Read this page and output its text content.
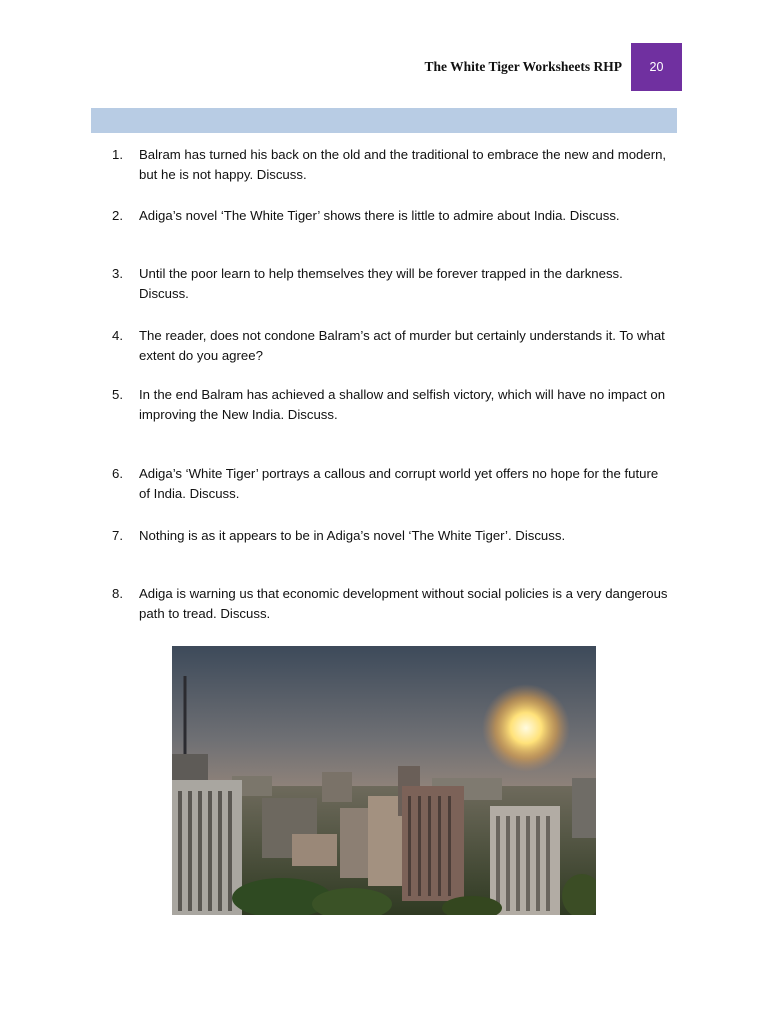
The White Tiger Worksheets RHP 20
1.	Balram has turned his back on the old and the traditional to embrace the new and modern, but he is not happy. Discuss.
2.	Adiga’s novel ‘The White Tiger’ shows there is little to admire about India. Discuss.
3.	Until the poor learn to help themselves they will be forever trapped in the darkness. Discuss.
4.	The reader, does not condone Balram’s act of murder but certainly understands it. To what extent do you agree?
5.	In the end Balram has achieved a shallow and selfish victory, which will have no impact on improving the New India. Discuss.
6.	Adiga’s ‘White Tiger’ portrays a callous and corrupt world yet offers no hope for the future of India. Discuss.
7.	Nothing is as it appears to be in Adiga’s novel ‘The White Tiger’. Discuss.
8.	Adiga is warning us that economic development without social policies is a very dangerous path to tread. Discuss.
